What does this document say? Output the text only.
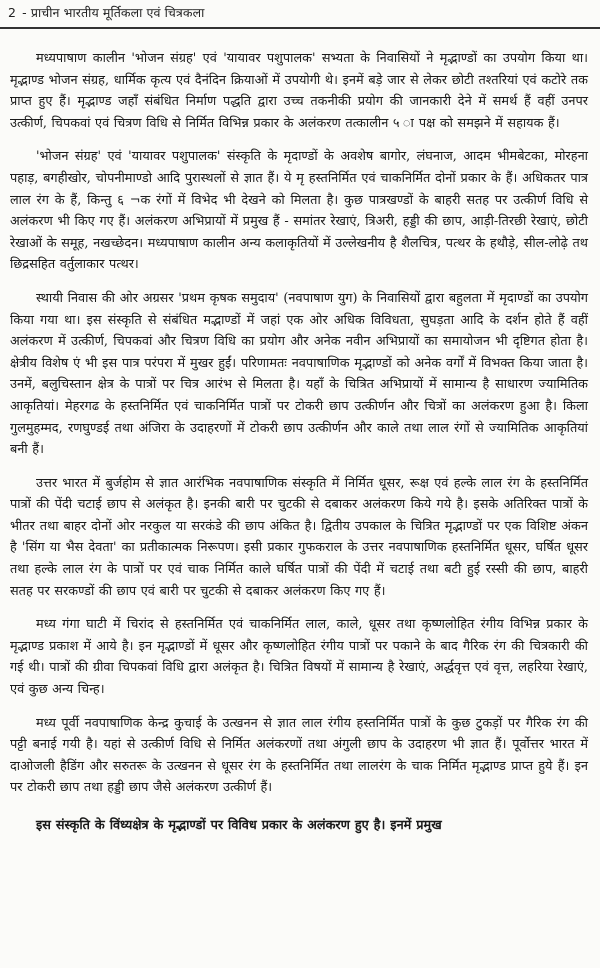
2 - प्राचीन भारतीय मूर्तिकला एवं चित्रकला

मध्यपाषाण कालीन 'भोजन संग्रह' एवं 'यायावर पशुपालक' सभ्यता के निवासियों ने मृद्भाण्डों का उपयोग किया था। मृद्भाण्ड भोजन संग्रह, धार्मिक कृत्य एवं दैनंदिन क्रियाओं में उपयोगी थे। इनमें बड़े जार से लेकर छोटी तश्तरियां एवं कटोरे तक प्राप्त हुए हैं। मृद्भाण्ड जहाँ संबंधित निर्माण पद्धति द्वारा उच्च तकनीकी प्रयोग की जानकारी देने में समर्थ हैं वहीं उनपर उत्कीर्ण, चिपकवां एवं चित्रण विधि से निर्मित विभिन्न प्रकार के अलंकरण तत्कालीन ५ ा पक्ष को समझने में सहायक हैं।

'भोजन संग्रह' एवं 'यायावर पशुपालक' संस्कृति के मृदाण्डों के अवशेष बागोर, लंघनाज, आदम भीमबेटका, मोरहना पहाड़, बगहीखोर, चोपनीमाण्डो आदि पुरास्थलों से ज्ञात हैं। ये मृ हस्तनिर्मित एवं चाकनिर्मित दोनों प्रकार के हैं। अधिकतर पात्र लाल रंग के हैं, किन्तु ६ ¬क रंगों में विभेद भी देखने को मिलता है। कुछ पात्रखण्डों के बाहरी सतह पर उत्कीर्ण विधि से अलंकरण भी किए गए हैं। अलंकरण अभिप्रायों में प्रमुख हैं - समांतर रेखाएं, त्रिअरी, हड्डी की छाप, आड़ी-तिरछी रेखाएं, छोटी रेखाओं के समूह, नखच्छेदन। मध्यपाषाण कालीन अन्य कलाकृतियों में उल्लेखनीय है शैलचित्र, पत्थर के हथौड़े, सील-लोढ़े तथ छिद्रसहित वर्तुलाकार पत्थर।

स्थायी निवास की ओर अग्रसर 'प्रथम कृषक समुदाय' (नवपाषाण युग) के निवासियों द्वारा बहुलता में मृदाण्डों का उपयोग किया गया था। इस संस्कृति से संबंधित मद्भाण्डों में जहां एक ओर अधिक विविधता, सुघड़ता आदि के दर्शन होते हैं वहीं अलंकरण में उत्कीर्ण, चिपकवां और चित्रण विधि का प्रयोग और अनेक नवीन अभिप्रायों का समायोजन भी दृष्टिगत होता है। क्षेत्रीय विशेष एं भी इस पात्र परंपरा में मुखर हुईं। परिणामतः नवपाषाणिक मृद्भाण्डों को अनेक वर्गों में विभक्त किया जाता है। उनमें, बलुचिस्तान क्षेत्र के पात्रों पर चित्र आरंभ से मिलता है। यहाँ के चित्रित अभिप्रायों में सामान्य है साधारण ज्यामितिक आकृतियां। मेहरगढ के हस्तनिर्मित एवं चाकनिर्मित पात्रों पर टोकरी छाप उत्कीर्णन और चित्रों का अलंकरण हुआ है। किला गुलमुहम्मद, रणघुण्डई तथा अंजिरा के उदाहरणों में टोकरी छाप उत्कीर्णन और काले तथा लाल रंगों से ज्यामितिक आकृतियां बनी हैं।

उत्तर भारत में बुर्जहोम से ज्ञात आरंभिक नवपाषाणिक संस्कृति में निर्मित धूसर, रूक्ष एवं हल्के लाल रंग के हस्तनिर्मित पात्रों की पेंदी चटाई छाप से अलंकृत है। इनकी बारी पर चुटकी से दबाकर अलंकरण किये गये है। इसके अतिरिक्त पात्रों के भीतर तथा बाहर दोनों ओर नरकुल या सरकंडे की छाप अंकित है। द्वितीय उपकाल के चित्रित मृद्भाण्डों पर एक विशिष्ट अंकन है 'सिंग या भैस देवता' का प्रतीकात्मक निरूपण। इसी प्रकार गुफकराल के उत्तर नवपाषाणिक हस्तनिर्मित धूसर, घर्षित धूसर तथा हल्के लाल रंग के पात्रों पर एवं चाक निर्मित काले घर्षित पात्रों की पेंदी में चटाई तथा बटी हुई रस्सी की छाप, बाहरी सतह पर सरकण्डों की छाप एवं बारी पर चुटकी से दबाकर अलंकरण किए गए हैं।

मध्य गंगा घाटी में चिरांद से हस्तनिर्मित एवं चाकनिर्मित लाल, काले, धूसर तथा कृष्णलोहित रंगीय विभिन्न प्रकार के मृद्भाण्ड प्रकाश में आये है। इन मृद्भाण्डों में धूसर और कृष्णलोहित रंगीय पात्रों पर पकाने के बाद गैरिक रंग की चित्रकारी की गई थी। पात्रों की ग्रीवा चिपकवां विधि द्वारा अलंकृत है। चित्रित विषयों में सामान्य है रेखाएं, अर्द्धवृत्त एवं वृत्त, लहरिया रेखाएं, एवं कुछ अन्य चिन्ह।

मध्य पूर्वी नवपाषाणिक केन्द्र कुचाई के उत्खनन से ज्ञात लाल रंगीय हस्तनिर्मित पात्रों के कुछ टुकड़ों पर गैरिक रंग की पट्टी बनाई गयी है। यहां से उत्कीर्ण विधि से निर्मित अलंकरणों तथा अंगुली छाप के उदाहरण भी ज्ञात हैं। पूर्वोत्तर भारत में दाओजली हैडिंग और सरुतरू के उत्खनन से धूसर रंग के हस्तनिर्मित तथा लालरंग के चाक निर्मित मृद्भाण्ड प्राप्त हुये हैं। इन पर टोकरी छाप तथा हड्डी छाप जैसे अलंकरण उत्कीर्ण हैं।

इस संस्कृति के विंध्यक्षेत्र के मृद्भाण्डों पर विविध प्रकार के अलंकरण हुए है। इनमें प्रमुख
